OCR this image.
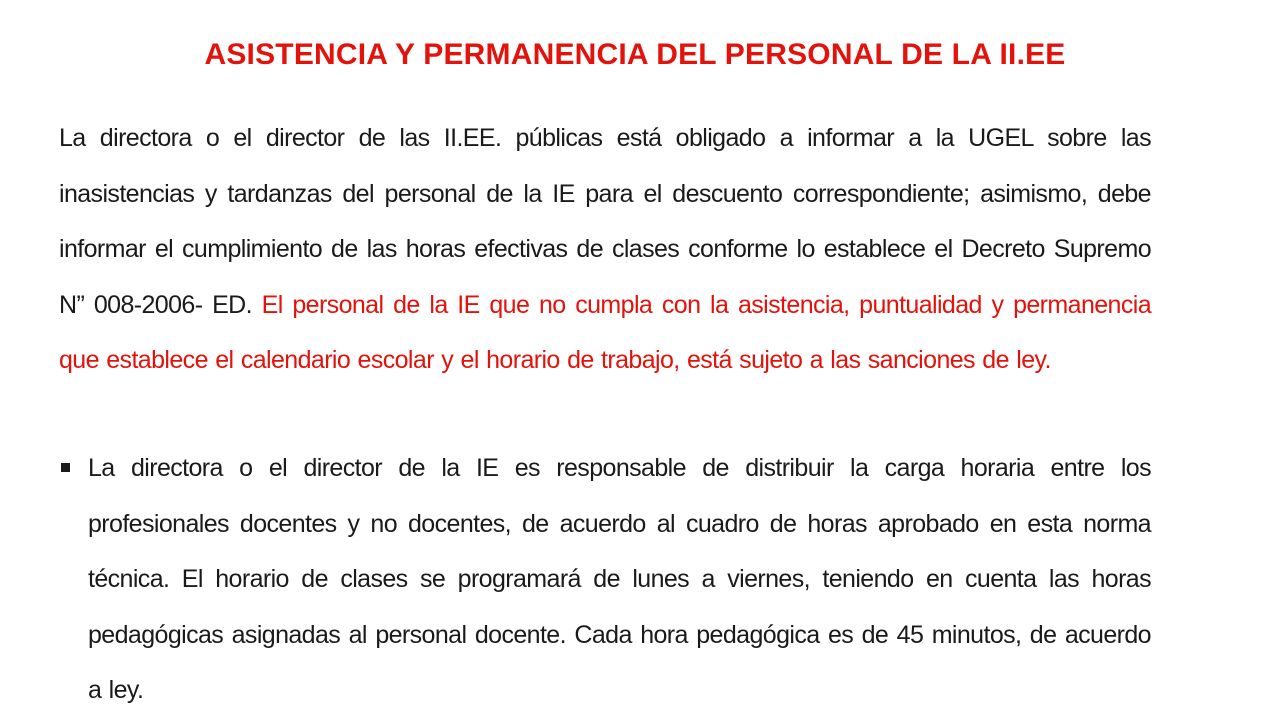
ASISTENCIA Y PERMANENCIA DEL PERSONAL DE LA II.EE

La directora o el director de las II.EE. públicas está obligado a informar a la UGEL sobre las inasistencias y tardanzas del personal de la IE para el descuento correspondiente; asimismo, debe informar el cumplimiento de las horas efectivas de clases conforme lo establece el Decreto Supremo N” 008-2006- ED. El personal de la IE que no cumpla con la asistencia, puntualidad y permanencia que establece el calendario escolar y el horario de trabajo, está sujeto a las sanciones de ley.

La directora o el director de la IE es responsable de distribuir la carga horaria entre los profesionales docentes y no docentes, de acuerdo al cuadro de horas aprobado en esta norma técnica. El horario de clases se programará de lunes a viernes, teniendo en cuenta las horas pedagógicas asignadas al personal docente. Cada hora pedagógica es de 45 minutos, de acuerdo a ley.
